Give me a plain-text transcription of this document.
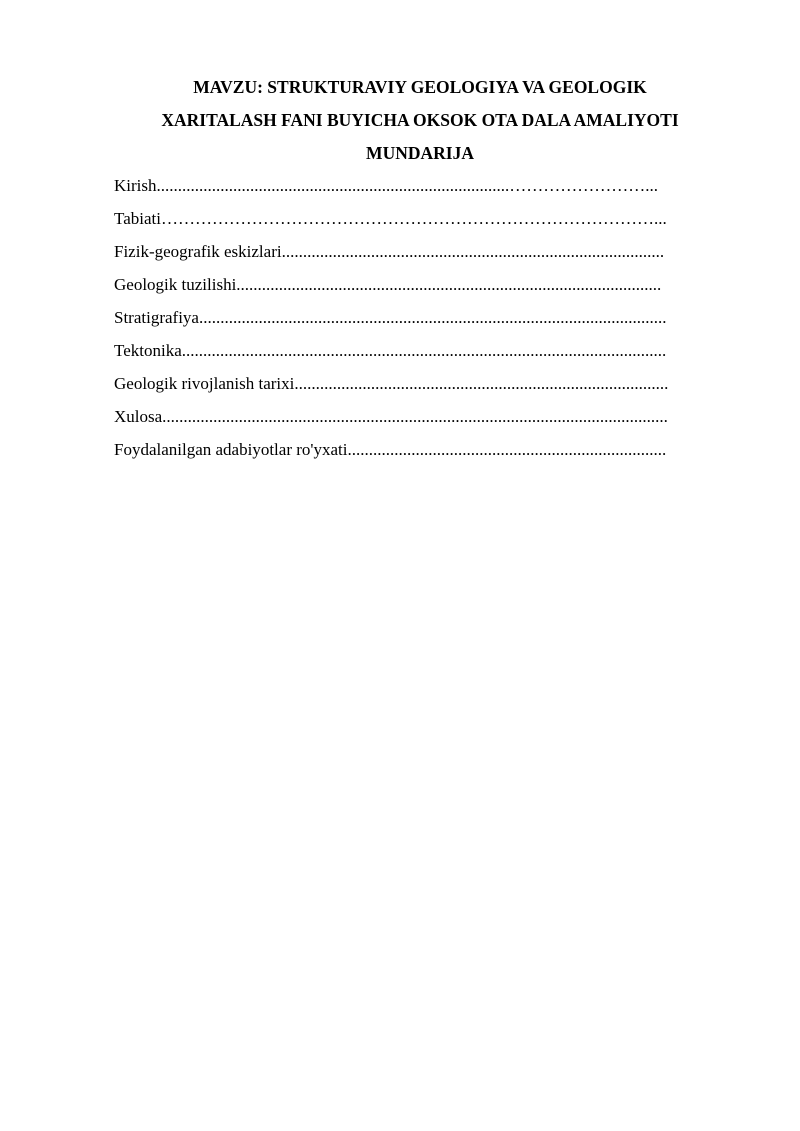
MAVZU: STRUKTURAVIY GEOLOGIYA VA GEOLOGIK
XARITALASH FANI BUYICHA OKSOK OTA DALA AMALIYOTI
MUNDARIJA
Kirish...................................................................................……………………...
Tabiati……………………………………………………………………………...
Fizik-geografik eskizlari..........................................................................................
Geologik tuzilishi....................................................................................................
Stratigrafiya..............................................................................................................
Tektonika..................................................................................................................
Geologik rivojlanish tarixi........................................................................................
Xulosa.......................................................................................................................
Foydalanilgan adabiyotlar ro'yxati...........................................................................
